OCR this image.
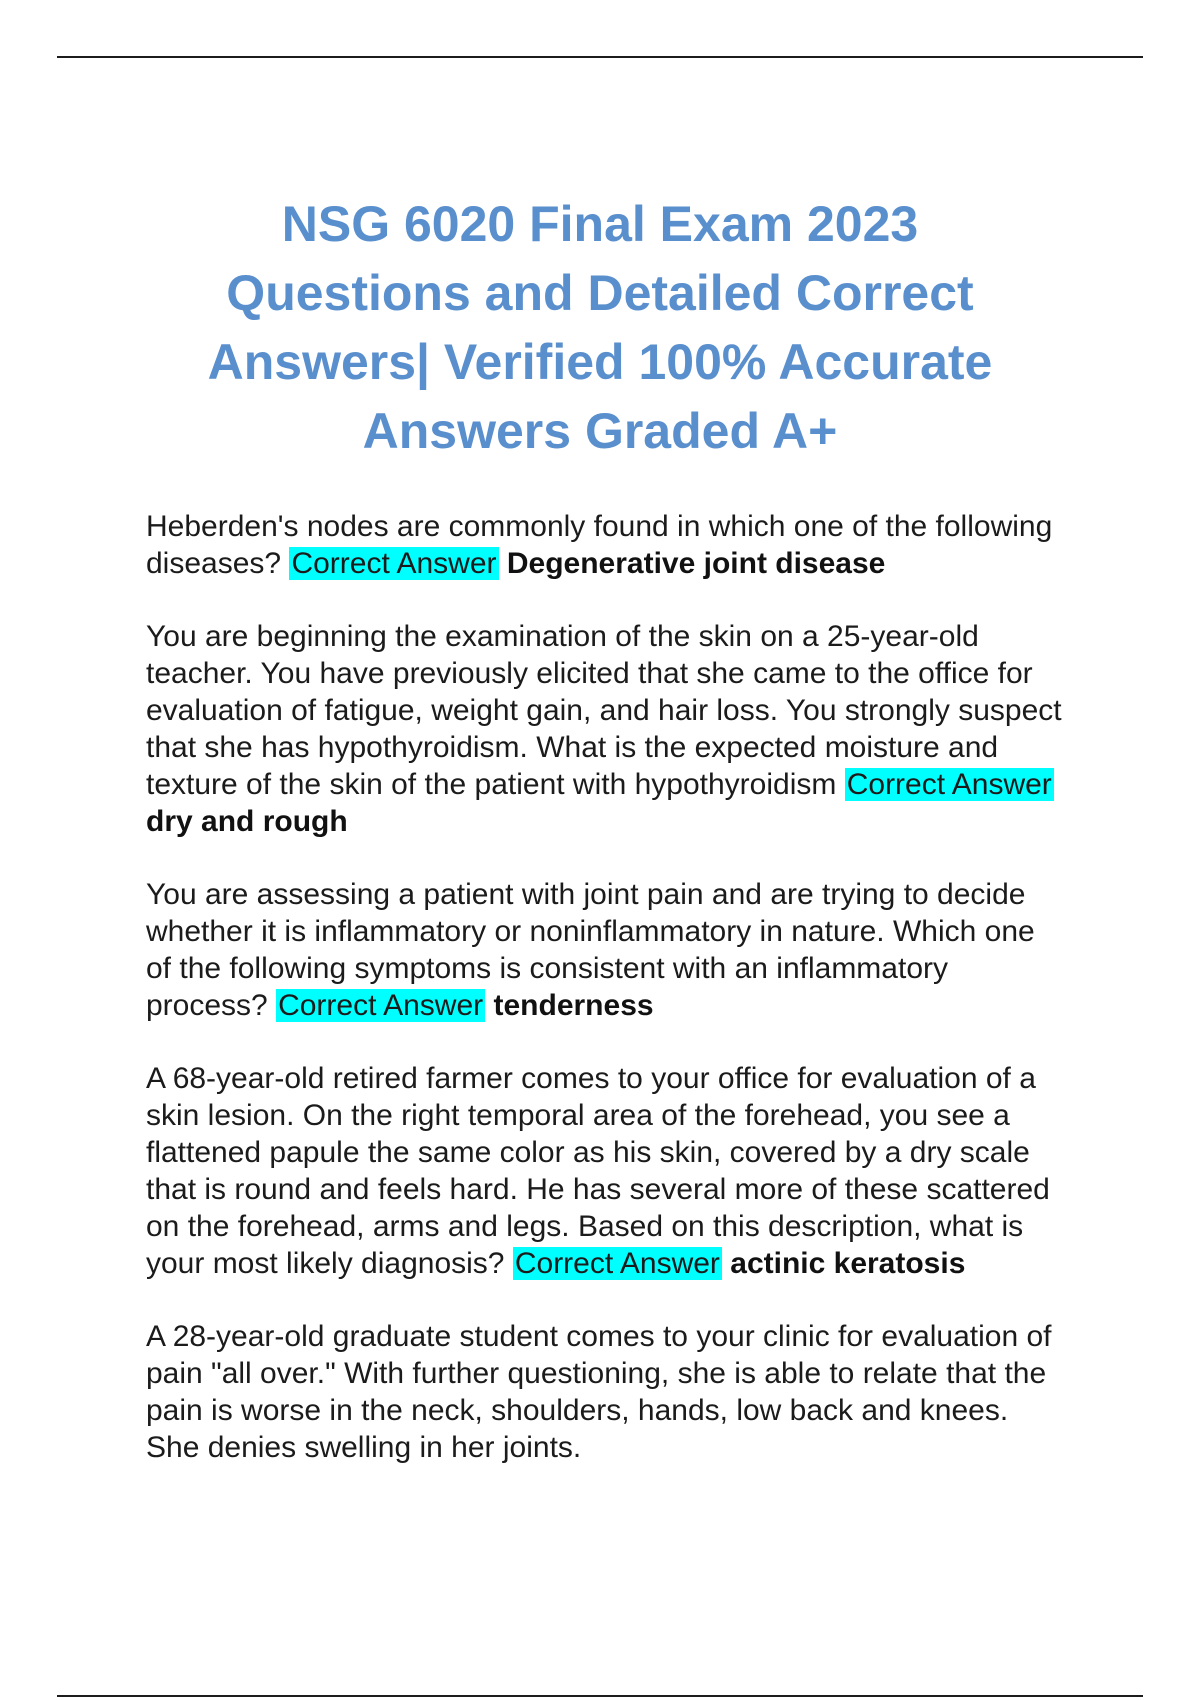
NSG 6020 Final Exam 2023
Questions and Detailed Correct
Answers| Verified 100% Accurate
Answers Graded A+

Heberden's nodes are commonly found in which one of the following diseases? Correct Answer Degenerative joint disease

You are beginning the examination of the skin on a 25-year-old teacher. You have previously elicited that she came to the office for evaluation of fatigue, weight gain, and hair loss. You strongly suspect that she has hypothyroidism. What is the expected moisture and texture of the skin of the patient with hypothyroidism Correct Answer dry and rough

You are assessing a patient with joint pain and are trying to decide whether it is inflammatory or noninflammatory in nature. Which one of the following symptoms is consistent with an inflammatory process? Correct Answer tenderness

A 68-year-old retired farmer comes to your office for evaluation of a skin lesion. On the right temporal area of the forehead, you see a flattened papule the same color as his skin, covered by a dry scale that is round and feels hard. He has several more of these scattered on the forehead, arms and legs. Based on this description, what is your most likely diagnosis? Correct Answer actinic keratosis

A 28-year-old graduate student comes to your clinic for evaluation of pain "all over." With further questioning, she is able to relate that the pain is worse in the neck, shoulders, hands, low back and knees. She denies swelling in her joints.
